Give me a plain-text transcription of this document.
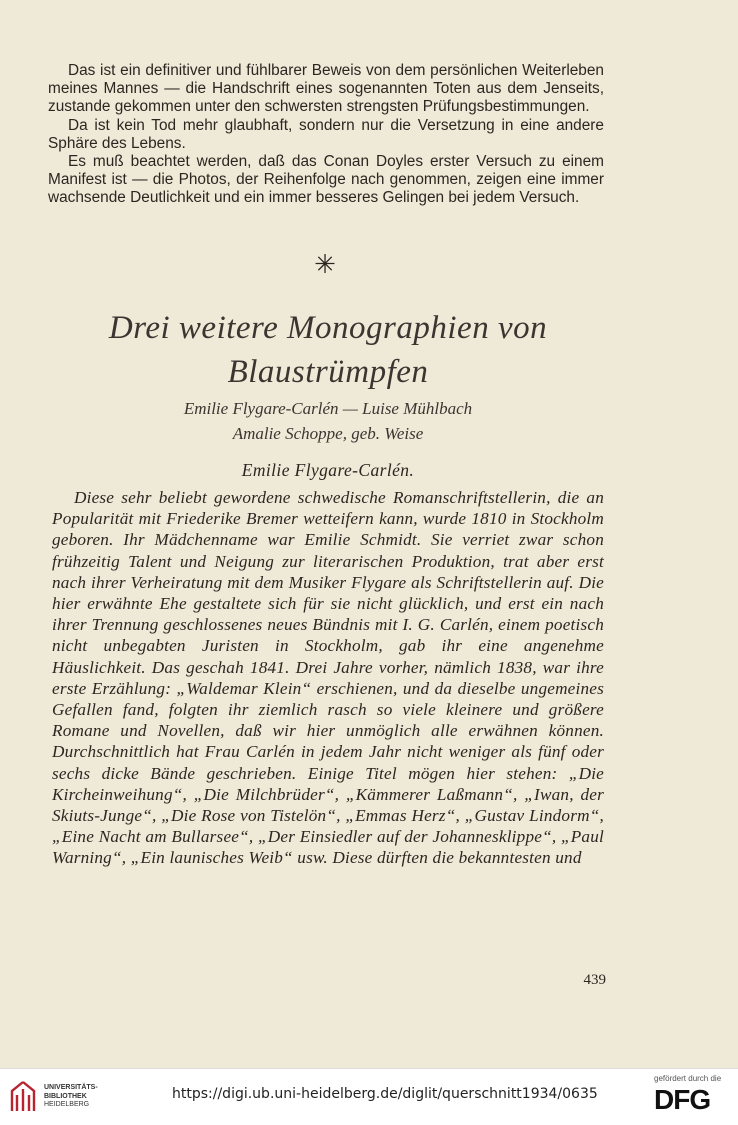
Das ist ein definitiver und fühlbarer Beweis von dem persönlichen Weiterleben meines Mannes — die Handschrift eines sogenannten Toten aus dem Jenseits, zustande gekommen unter den schwersten strengsten Prüfungsbestimmungen.

Da ist kein Tod mehr glaubhaft, sondern nur die Versetzung in eine andere Sphäre des Lebens.

Es muß beachtet werden, daß das Conan Doyles erster Versuch zu einem Manifest ist — die Photos, der Reihenfolge nach genommen, zeigen eine immer wachsende Deutlichkeit und ein immer besseres Gelingen bei jedem Versuch.

✳
Drei weitere Monographien von
Blaustrümpfen
Emilie Flygare-Carlén — Luise Mühlbach
Amalie Schoppe, geb. Weise
Emilie Flygare-Carlén.

Diese sehr beliebt gewordene schwedische Romanschriftstellerin, die an Popularität mit Friederike Bremer wetteifern kann, wurde 1810 in Stockholm geboren. Ihr Mädchenname war Emilie Schmidt. Sie verriet zwar schon frühzeitig Talent und Neigung zur literarischen Produktion, trat aber erst nach ihrer Verheiratung mit dem Musiker Flygare als Schriftstellerin auf. Die hier erwähnte Ehe gestaltete sich für sie nicht glücklich, und erst ein nach ihrer Trennung geschlossenes neues Bündnis mit I. G. Carlén, einem poetisch nicht unbegabten Juristen in Stockholm, gab ihr eine angenehme Häuslichkeit. Das geschah 1841. Drei Jahre vorher, nämlich 1838, war ihre erste Erzählung: „Waldemar Klein“ erschienen, und da dieselbe ungemeines Gefallen fand, folgten ihr ziemlich rasch so viele kleinere und größere Romane und Novellen, daß wir hier unmöglich alle erwähnen können. Durchschnittlich hat Frau Carlén in jedem Jahr nicht weniger als fünf oder sechs dicke Bände geschrieben. Einige Titel mögen hier stehen: „Die Kircheinweihung“, „Die Milchbrüder“, „Kämmerer Laßmann“, „Iwan, der Skiuts-Junge“, „Die Rose von Tistelön“, „Emmas Herz“, „Gustav Lindorm“, „Eine Nacht am Bullarsee“, „Der Einsiedler auf der Johannesklippe“, „Paul Warning“, „Ein launisches Weib“ usw. Diese dürften die bekanntesten und

439
UNIVERSITÄTS-
BIBLIOTHEK
HEIDELBERG
https://digi.ub.uni-heidelberg.de/diglit/querschnitt1934/0635
gefördert durch die
DFG
